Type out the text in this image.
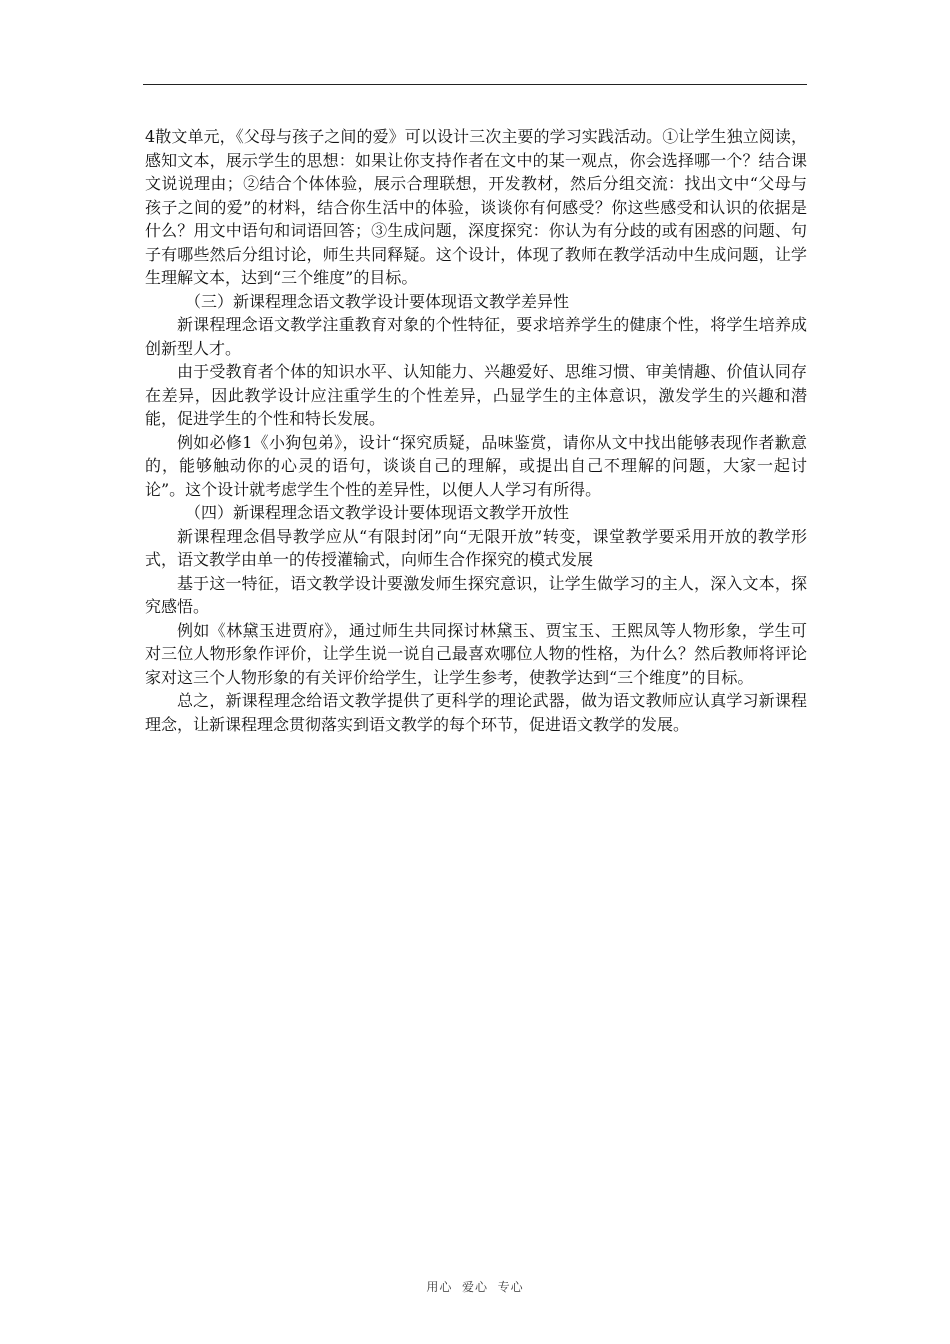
4散文单元，《父母与孩子之间的爱》可以设计三次主要的学习实践活动。①让学生独立阅读，感知文本，展示学生的思想：如果让你支持作者在文中的某一观点，你会选择哪一个？结合课文说说理由；②结合个体体验，展示合理联想，开发教材，然后分组交流：找出文中“父母与孩子之间的爱”的材料，结合你生活中的体验，谈谈你有何感受？你这些感受和认识的依据是什么？用文中语句和词语回答；③生成问题，深度探究：你认为有分歧的或有困惑的问题、句子有哪些然后分组讨论，师生共同释疑。这个设计，体现了教师在教学活动中生成问题，让学生理解文本，达到“三个维度”的目标。

（三）新课程理念语文教学设计要体现语文教学差异性

新课程理念语文教学注重教育对象的个性特征，要求培养学生的健康个性，将学生培养成创新型人才。

由于受教育者个体的知识水平、认知能力、兴趣爱好、思维习惯、审美情趣、价值认同存在差异，因此教学设计应注重学生的个性差异，凸显学生的主体意识，激发学生的兴趣和潜能，促进学生的个性和特长发展。

例如必修1《小狗包弟》，设计“探究质疑，品味鉴赏，请你从文中找出能够表现作者歉意的，能够触动你的心灵的语句，谈谈自己的理解，或提出自己不理解的问题，大家一起讨论”。这个设计就考虑学生个性的差异性，以便人人学习有所得。

（四）新课程理念语文教学设计要体现语文教学开放性

新课程理念倡导教学应从“有限封闭”向“无限开放”转变，课堂教学要采用开放的教学形式，语文教学由单一的传授灌输式，向师生合作探究的模式发展

基于这一特征，语文教学设计要激发师生探究意识，让学生做学习的主人，深入文本，探究感悟。

例如《林黛玉进贾府》，通过师生共同探讨林黛玉、贾宝玉、王熙凤等人物形象，学生可对三位人物形象作评价，让学生说一说自己最喜欢哪位人物的性格，为什么？然后教师将评论家对这三个人物形象的有关评价给学生，让学生参考，使教学达到“三个维度”的目标。

总之，新课程理念给语文教学提供了更科学的理论武器，做为语文教师应认真学习新课程理念，让新课程理念贯彻落实到语文教学的每个环节，促进语文教学的发展。

用心  爱心  专心
